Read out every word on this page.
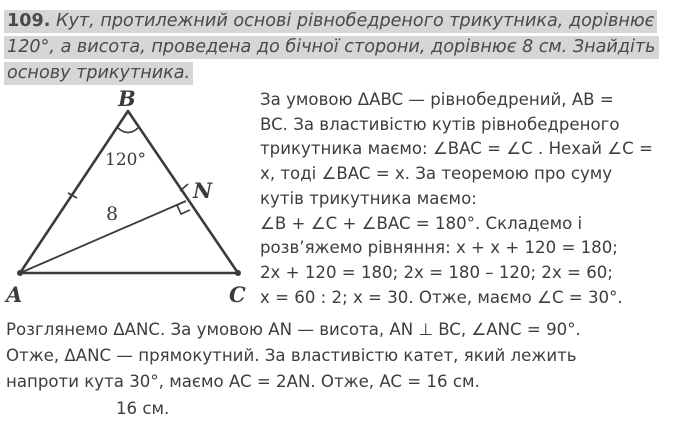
109. Кут, протилежний основі рівнобедреного трикутника, дорівнює
120°, а висота, проведена до бічної сторони, дорівнює 8 см. Знайдіть
основу трикутника.
B
A	C
N
120°
8
За умовою ΔABC — рівнобедрений, AB =
BC. За властивістю кутів рівнобедреного
трикутника маємо: ∠BAC = ∠C . Нехай ∠C =
x, тоді ∠BAC = x. За теоремою про суму
кутів трикутника маємо:
∠B + ∠C + ∠BAC = 180°. Складемо і
розв’яжемо рівняння: x + x + 120 = 180;
2x + 120 = 180; 2x = 180 – 120; 2x = 60;
x = 60 : 2; x = 30. Отже, маємо ∠C = 30°.
Розглянемо ΔANC. За умовою AN — висота, AN ⊥ BC, ∠ANC = 90°.
Отже, ΔANC — прямокутний. За властивістю катет, який лежить
напроти кута 30°, маємо AC = 2AN. Отже, AC = 16 см.
16 см.
